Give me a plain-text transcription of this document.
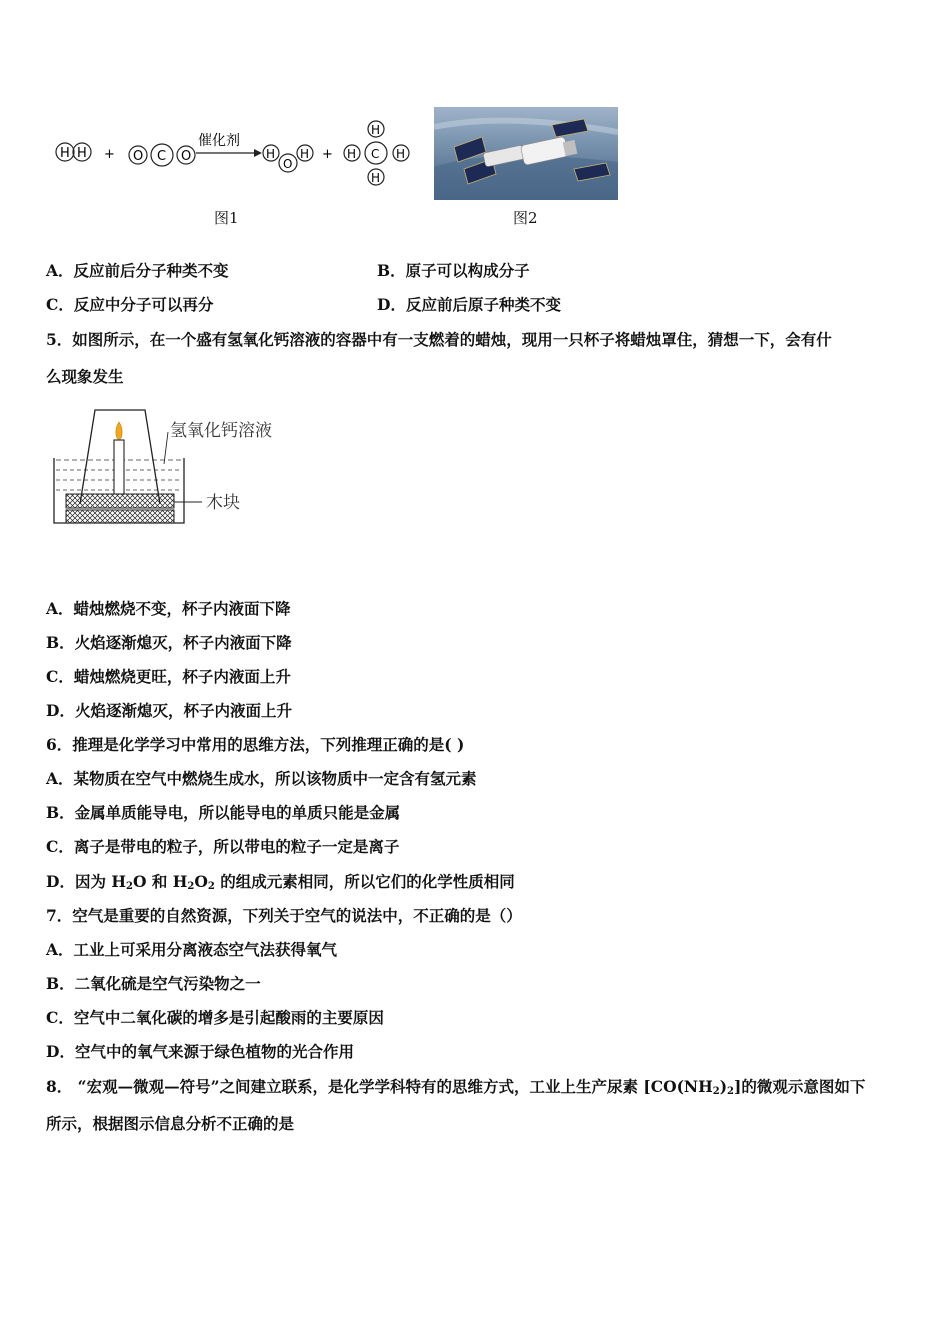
H H + O C O
催化剂
H
O
H +
H
H C H
H
图1	图2
A．反应前后分子种类不变	B．原子可以构成分子
C．反应中分子可以再分	D．反应前后原子种类不变
5．如图所示，在一个盛有氢氧化钙溶液的容器中有一支燃着的蜡烛，现用一只杯子将蜡烛罩住，猜想一下，会有什
么现象发生
氢氧化钙溶液
木块
A．蜡烛燃烧不变，杯子内液面下降
B．火焰逐渐熄灭，杯子内液面下降
C．蜡烛燃烧更旺，杯子内液面上升
D．火焰逐渐熄灭，杯子内液面上升
6．推理是化学学习中常用的思维方法，下列推理正确的是( )
A．某物质在空气中燃烧生成水，所以该物质中一定含有氢元素
B．金属单质能导电，所以能导电的单质只能是金属
C．离子是带电的粒子，所以带电的粒子一定是离子
D．因为 $H_2O$ 和 $H_2O_2$ 的组成元素相同，所以它们的化学性质相同
7．空气是重要的自然资源，下列关于空气的说法中，不正确的是（）
A．工业上可采用分离液态空气法获得氧气
B．二氧化硫是空气污染物之一
C．空气中二氧化碳的增多是引起酸雨的主要原因
D．空气中的氧气来源于绿色植物的光合作用
8． “宏观—微观—符号”之间建立联系，是化学学科特有的思维方式，工业上生产尿素 $[CO(NH_2)_2]$的微观示意图如下
所示，根据图示信息分析不正确的是
